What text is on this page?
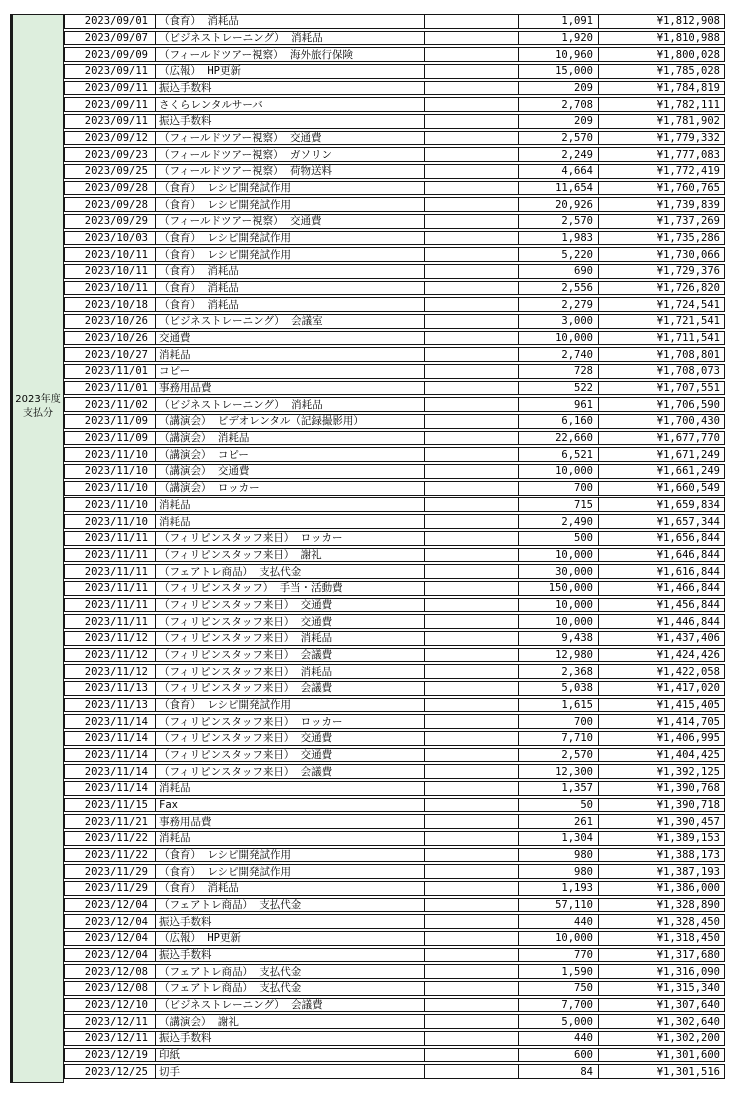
2023年度
支払分
2023/09/01	（食育） 消耗品	1,091	¥1,812,908
2023/09/07	（ビジネストレーニング） 消耗品	1,920	¥1,810,988
2023/09/09	（フィールドツアー視察） 海外旅行保険	10,960	¥1,800,028
2023/09/11	（広報） HP更新	15,000	¥1,785,028
2023/09/11	振込手数料	209	¥1,784,819
2023/09/11	さくらレンタルサーバ	2,708	¥1,782,111
2023/09/11	振込手数料	209	¥1,781,902
2023/09/12	（フィールドツアー視察） 交通費	2,570	¥1,779,332
2023/09/23	（フィールドツアー視察） ガソリン	2,249	¥1,777,083
2023/09/25	（フィールドツアー視察） 荷物送料	4,664	¥1,772,419
2023/09/28	（食育） レシピ開発試作用	11,654	¥1,760,765
2023/09/28	（食育） レシピ開発試作用	20,926	¥1,739,839
2023/09/29	（フィールドツアー視察） 交通費	2,570	¥1,737,269
2023/10/03	（食育） レシピ開発試作用	1,983	¥1,735,286
2023/10/11	（食育） レシピ開発試作用	5,220	¥1,730,066
2023/10/11	（食育） 消耗品	690	¥1,729,376
2023/10/11	（食育） 消耗品	2,556	¥1,726,820
2023/10/18	（食育） 消耗品	2,279	¥1,724,541
2023/10/26	（ビジネストレーニング） 会議室	3,000	¥1,721,541
2023/10/26	交通費	10,000	¥1,711,541
2023/10/27	消耗品	2,740	¥1,708,801
2023/11/01	コピー	728	¥1,708,073
2023/11/01	事務用品費	522	¥1,707,551
2023/11/02	（ビジネストレーニング） 消耗品	961	¥1,706,590
2023/11/09	（講演会） ビデオレンタル（記録撮影用）	6,160	¥1,700,430
2023/11/09	（講演会） 消耗品	22,660	¥1,677,770
2023/11/10	（講演会） コピー	6,521	¥1,671,249
2023/11/10	（講演会） 交通費	10,000	¥1,661,249
2023/11/10	（講演会） ロッカー	700	¥1,660,549
2023/11/10	消耗品	715	¥1,659,834
2023/11/10	消耗品	2,490	¥1,657,344
2023/11/11	（フィリピンスタッフ来日） ロッカー	500	¥1,656,844
2023/11/11	（フィリピンスタッフ来日） 謝礼	10,000	¥1,646,844
2023/11/11	（フェアトレ商品） 支払代金	30,000	¥1,616,844
2023/11/11	（フィリピンスタッフ） 手当・活動費	150,000	¥1,466,844
2023/11/11	（フィリピンスタッフ来日） 交通費	10,000	¥1,456,844
2023/11/11	（フィリピンスタッフ来日） 交通費	10,000	¥1,446,844
2023/11/12	（フィリピンスタッフ来日） 消耗品	9,438	¥1,437,406
2023/11/12	（フィリピンスタッフ来日） 会議費	12,980	¥1,424,426
2023/11/12	（フィリピンスタッフ来日） 消耗品	2,368	¥1,422,058
2023/11/13	（フィリピンスタッフ来日） 会議費	5,038	¥1,417,020
2023/11/13	（食育） レシピ開発試作用	1,615	¥1,415,405
2023/11/14	（フィリピンスタッフ来日） ロッカー	700	¥1,414,705
2023/11/14	（フィリピンスタッフ来日） 交通費	7,710	¥1,406,995
2023/11/14	（フィリピンスタッフ来日） 交通費	2,570	¥1,404,425
2023/11/14	（フィリピンスタッフ来日） 会議費	12,300	¥1,392,125
2023/11/14	消耗品	1,357	¥1,390,768
2023/11/15	Fax	50	¥1,390,718
2023/11/21	事務用品費	261	¥1,390,457
2023/11/22	消耗品	1,304	¥1,389,153
2023/11/22	（食育） レシピ開発試作用	980	¥1,388,173
2023/11/29	（食育） レシピ開発試作用	980	¥1,387,193
2023/11/29	（食育） 消耗品	1,193	¥1,386,000
2023/12/04	（フェアトレ商品） 支払代金	57,110	¥1,328,890
2023/12/04	振込手数料	440	¥1,328,450
2023/12/04	（広報） HP更新	10,000	¥1,318,450
2023/12/04	振込手数料	770	¥1,317,680
2023/12/08	（フェアトレ商品） 支払代金	1,590	¥1,316,090
2023/12/08	（フェアトレ商品） 支払代金	750	¥1,315,340
2023/12/10	（ビジネストレーニング） 会議費	7,700	¥1,307,640
2023/12/11	（講演会） 謝礼	5,000	¥1,302,640
2023/12/11	振込手数料	440	¥1,302,200
2023/12/19	印紙	600	¥1,301,600
2023/12/25	切手	84	¥1,301,516
